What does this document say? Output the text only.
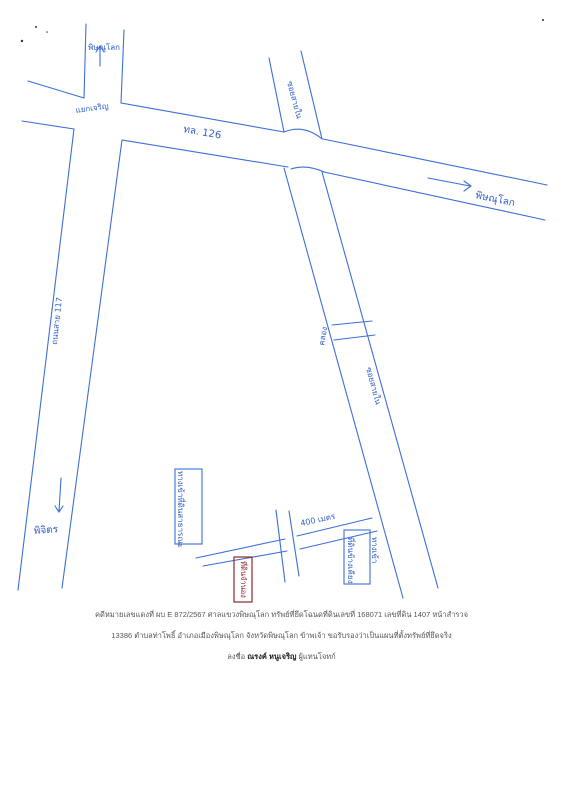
พิษณุโลก
แยกเจริญ
ทล. 126
ซอยสายใน
พิษณุโลก
ถนนสาย 117
พิจิตร
ซอยสายใน
คลอง
ทางเข้าที่ดินสาธารณะ	400 เมตร
ทางเข้า
ที่ดินข้างเคียง
ที่ดินจำนอง
คดีหมายเลขแดงที่ ผบ E 872/2567 ศาลแขวงพิษณุโลก ทรัพย์ที่ยึดโฉนดที่ดินเลขที่ 168071 เลขที่ดิน 1407 หน้าสำรวจ
13386 ตำบลท่าโพธิ์ อำเภอเมืองพิษณุโลก จังหวัดพิษณุโลก ข้าพเจ้า ขอรับรองว่าเป็นแผนที่ตั้งทรัพย์ที่ยึดจริง
ลงชื่อ ณรงค์ หนูเจริญ ผู้แทนโจทก์
